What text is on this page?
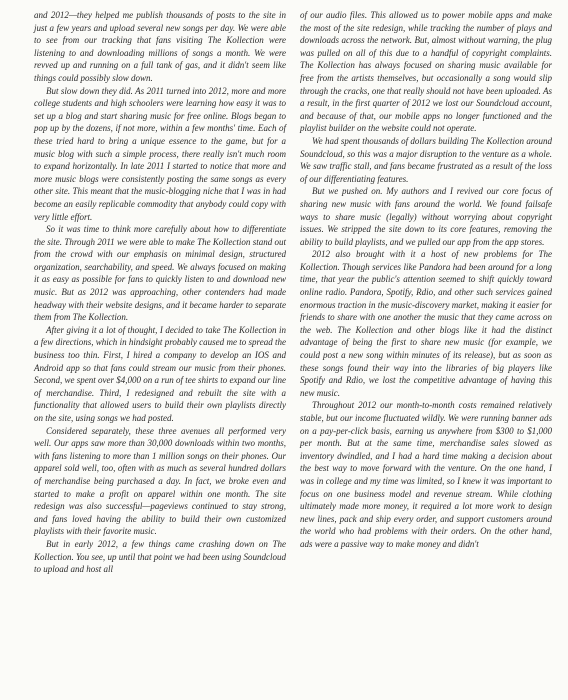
and 2012—they helped me publish thousands of posts to the site in just a few years and upload several new songs per day. We were able to see from our tracking that fans visiting The Kollection were listening to and downloading millions of songs a month. We were revved up and running on a full tank of gas, and it didn't seem like things could possibly slow down.

But slow down they did. As 2011 turned into 2012, more and more college students and high schoolers were learning how easy it was to set up a blog and start sharing music for free online. Blogs began to pop up by the dozens, if not more, within a few months' time. Each of these tried hard to bring a unique essence to the game, but for a music blog with such a simple process, there really isn't much room to expand horizontally. In late 2011 I started to notice that more and more music blogs were consistently posting the same songs as every other site. This meant that the music-blogging niche that I was in had become an easily replicable commodity that anybody could copy with very little effort.

So it was time to think more carefully about how to differentiate the site. Through 2011 we were able to make The Kollection stand out from the crowd with our emphasis on minimal design, structured organization, searchability, and speed. We always focused on making it as easy as possible for fans to quickly listen to and download new music. But as 2012 was approaching, other contenders had made headway with their website designs, and it became harder to separate them from The Kollection.

After giving it a lot of thought, I decided to take The Kollection in a few directions, which in hindsight probably caused me to spread the business too thin. First, I hired a company to develop an IOS and Android app so that fans could stream our music from their phones. Second, we spent over $4,000 on a run of tee shirts to expand our line of merchandise. Third, I redesigned and rebuilt the site with a functionality that allowed users to build their own playlists directly on the site, using songs we had posted.

Considered separately, these three avenues all performed very well. Our apps saw more than 30,000 downloads within two months, with fans listening to more than 1 million songs on their phones. Our apparel sold well, too, often with as much as several hundred dollars of merchandise being purchased a day. In fact, we broke even and started to make a profit on apparel within one month. The site redesign was also successful—pageviews continued to stay strong, and fans loved having the ability to build their own customized playlists with their favorite music.

But in early 2012, a few things came crashing down on The Kollection. You see, up until that point we had been using Soundcloud to upload and host all

of our audio files. This allowed us to power mobile apps and make the most of the site redesign, while tracking the number of plays and downloads across the network. But, almost without warning, the plug was pulled on all of this due to a handful of copyright complaints. The Kollection has always focused on sharing music available for free from the artists themselves, but occasionally a song would slip through the cracks, one that really should not have been uploaded. As a result, in the first quarter of 2012 we lost our Soundcloud account, and because of that, our mobile apps no longer functioned and the playlist builder on the website could not operate.

We had spent thousands of dollars building The Kollection around Soundcloud, so this was a major disruption to the venture as a whole. We saw traffic stall, and fans became frustrated as a result of the loss of our differentiating features.

But we pushed on. My authors and I revived our core focus of sharing new music with fans around the world. We found failsafe ways to share music (legally) without worrying about copyright issues. We stripped the site down to its core features, removing the ability to build playlists, and we pulled our app from the app stores.

2012 also brought with it a host of new problems for The Kollection. Though services like Pandora had been around for a long time, that year the public's attention seemed to shift quickly toward online radio. Pandora, Spotify, Rdio, and other such services gained enormous traction in the music-discovery market, making it easier for friends to share with one another the music that they came across on the web. The Kollection and other blogs like it had the distinct advantage of being the first to share new music (for example, we could post a new song within minutes of its release), but as soon as these songs found their way into the libraries of big players like Spotify and Rdio, we lost the competitive advantage of having this new music.

Throughout 2012 our month-to-month costs remained relatively stable, but our income fluctuated wildly. We were running banner ads on a pay-per-click basis, earning us anywhere from $300 to $1,000 per month. But at the same time, merchandise sales slowed as inventory dwindled, and I had a hard time making a decision about the best way to move forward with the venture. On the one hand, I was in college and my time was limited, so I knew it was important to focus on one business model and revenue stream. While clothing ultimately made more money, it required a lot more work to design new lines, pack and ship every order, and support customers around the world who had problems with their orders. On the other hand, ads were a passive way to make money and didn't
